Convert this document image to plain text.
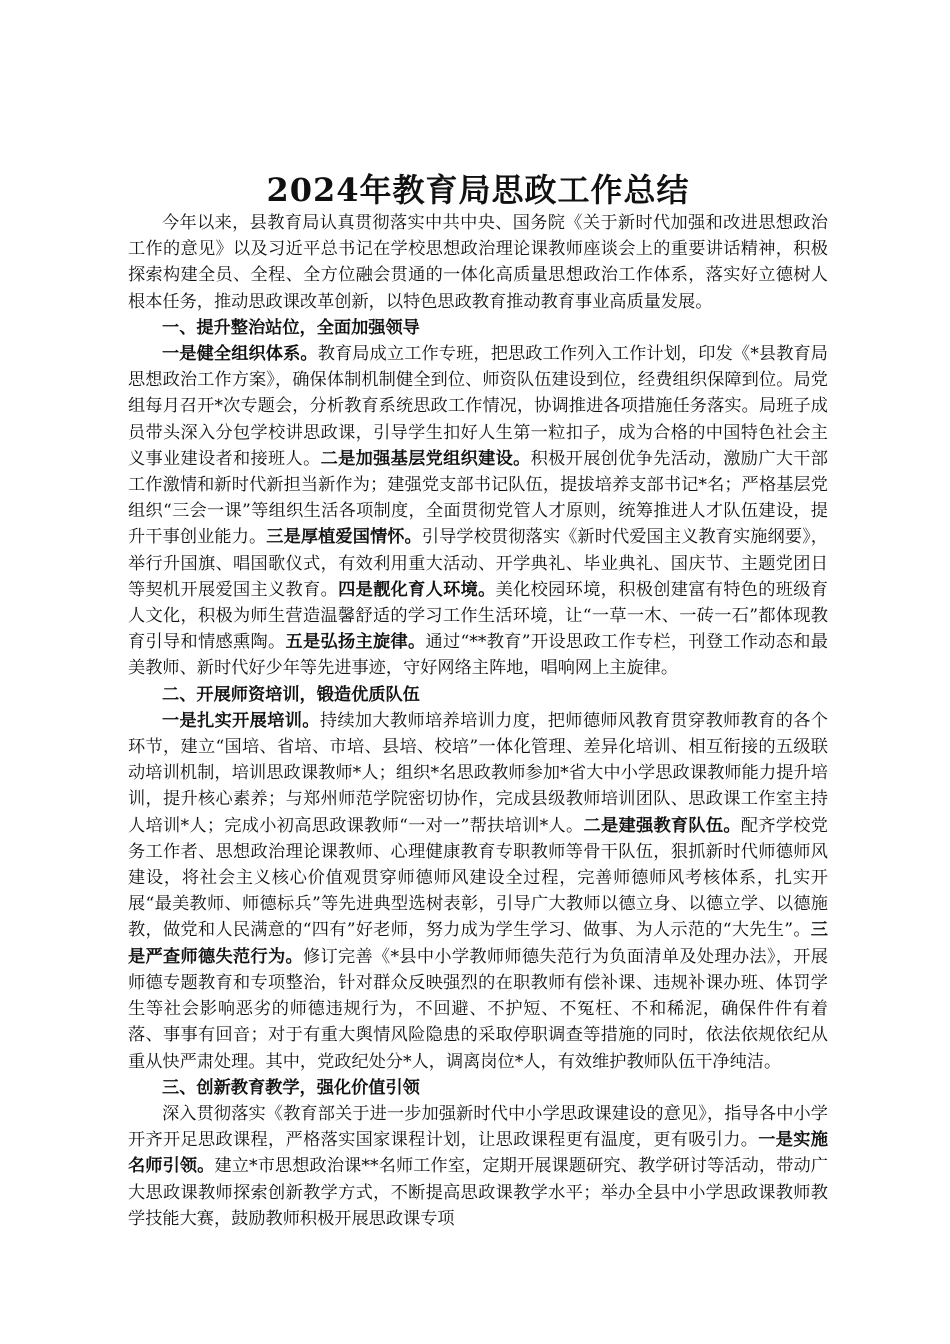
2024年教育局思政工作总结

今年以来，县教育局认真贯彻落实中共中央、国务院《关于新时代加强和改进思想政治工作的意见》以及习近平总书记在学校思想政治理论课教师座谈会上的重要讲话精神，积极探索构建全员、全程、全方位融会贯通的一体化高质量思想政治工作体系，落实好立德树人根本任务，推动思政课改革创新，以特色思政教育推动教育事业高质量发展。

一、提升整治站位，全面加强领导

一是健全组织体系。教育局成立工作专班，把思政工作列入工作计划，印发《*县教育局思想政治工作方案》，确保体制机制健全到位、师资队伍建设到位，经费组织保障到位。局党组每月召开*次专题会，分析教育系统思政工作情况，协调推进各项措施任务落实。局班子成员带头深入分包学校讲思政课，引导学生扣好人生第一粒扣子，成为合格的中国特色社会主义事业建设者和接班人。二是加强基层党组织建设。积极开展创优争先活动，激励广大干部工作激情和新时代新担当新作为；建强党支部书记队伍，提拔培养支部书记*名；严格基层党组织“三会一课”等组织生活各项制度，全面贯彻党管人才原则，统筹推进人才队伍建设，提升干事创业能力。三是厚植爱国情怀。引导学校贯彻落实《新时代爱国主义教育实施纲要》，举行升国旗、唱国歌仪式，有效利用重大活动、开学典礼、毕业典礼、国庆节、主题党团日等契机开展爱国主义教育。四是靓化育人环境。美化校园环境，积极创建富有特色的班级育人文化，积极为师生营造温馨舒适的学习工作生活环境，让“一草一木、一砖一石”都体现教育引导和情感熏陶。五是弘扬主旋律。通过“**教育”开设思政工作专栏，刊登工作动态和最美教师、新时代好少年等先进事迹，守好网络主阵地，唱响网上主旋律。

二、开展师资培训，锻造优质队伍

一是扎实开展培训。持续加大教师培养培训力度，把师德师风教育贯穿教师教育的各个环节，建立“国培、省培、市培、县培、校培”一体化管理、差异化培训、相互衔接的五级联动培训机制，培训思政课教师*人；组织*名思政教师参加*省大中小学思政课教师能力提升培训，提升核心素养；与郑州师范学院密切协作，完成县级教师培训团队、思政课工作室主持人培训*人；完成小初高思政课教师“一对一”帮扶培训*人。二是建强教育队伍。配齐学校党务工作者、思想政治理论课教师、心理健康教育专职教师等骨干队伍，狠抓新时代师德师风建设，将社会主义核心价值观贯穿师德师风建设全过程，完善师德师风考核体系，扎实开展“最美教师、师德标兵”等先进典型选树表彰，引导广大教师以德立身、以德立学、以德施教，做党和人民满意的“四有”好老师，努力成为学生学习、做事、为人示范的“大先生”。三是严查师德失范行为。修订完善《*县中小学教师师德失范行为负面清单及处理办法》，开展师德专题教育和专项整治，针对群众反映强烈的在职教师有偿补课、违规补课办班、体罚学生等社会影响恶劣的师德违规行为，不回避、不护短、不冤枉、不和稀泥，确保件件有着落、事事有回音；对于有重大舆情风险隐患的采取停职调查等措施的同时，依法依规依纪从重从快严肃处理。其中，党政纪处分*人，调离岗位*人，有效维护教师队伍干净纯洁。

三、创新教育教学，强化价值引领

深入贯彻落实《教育部关于进一步加强新时代中小学思政课建设的意见》，指导各中小学开齐开足思政课程，严格落实国家课程计划，让思政课程更有温度，更有吸引力。一是实施名师引领。建立*市思想政治课**名师工作室，定期开展课题研究、教学研讨等活动，带动广大思政课教师探索创新教学方式，不断提高思政课教学水平；举办全县中小学思政课教师教学技能大赛，鼓励教师积极开展思政课专项
